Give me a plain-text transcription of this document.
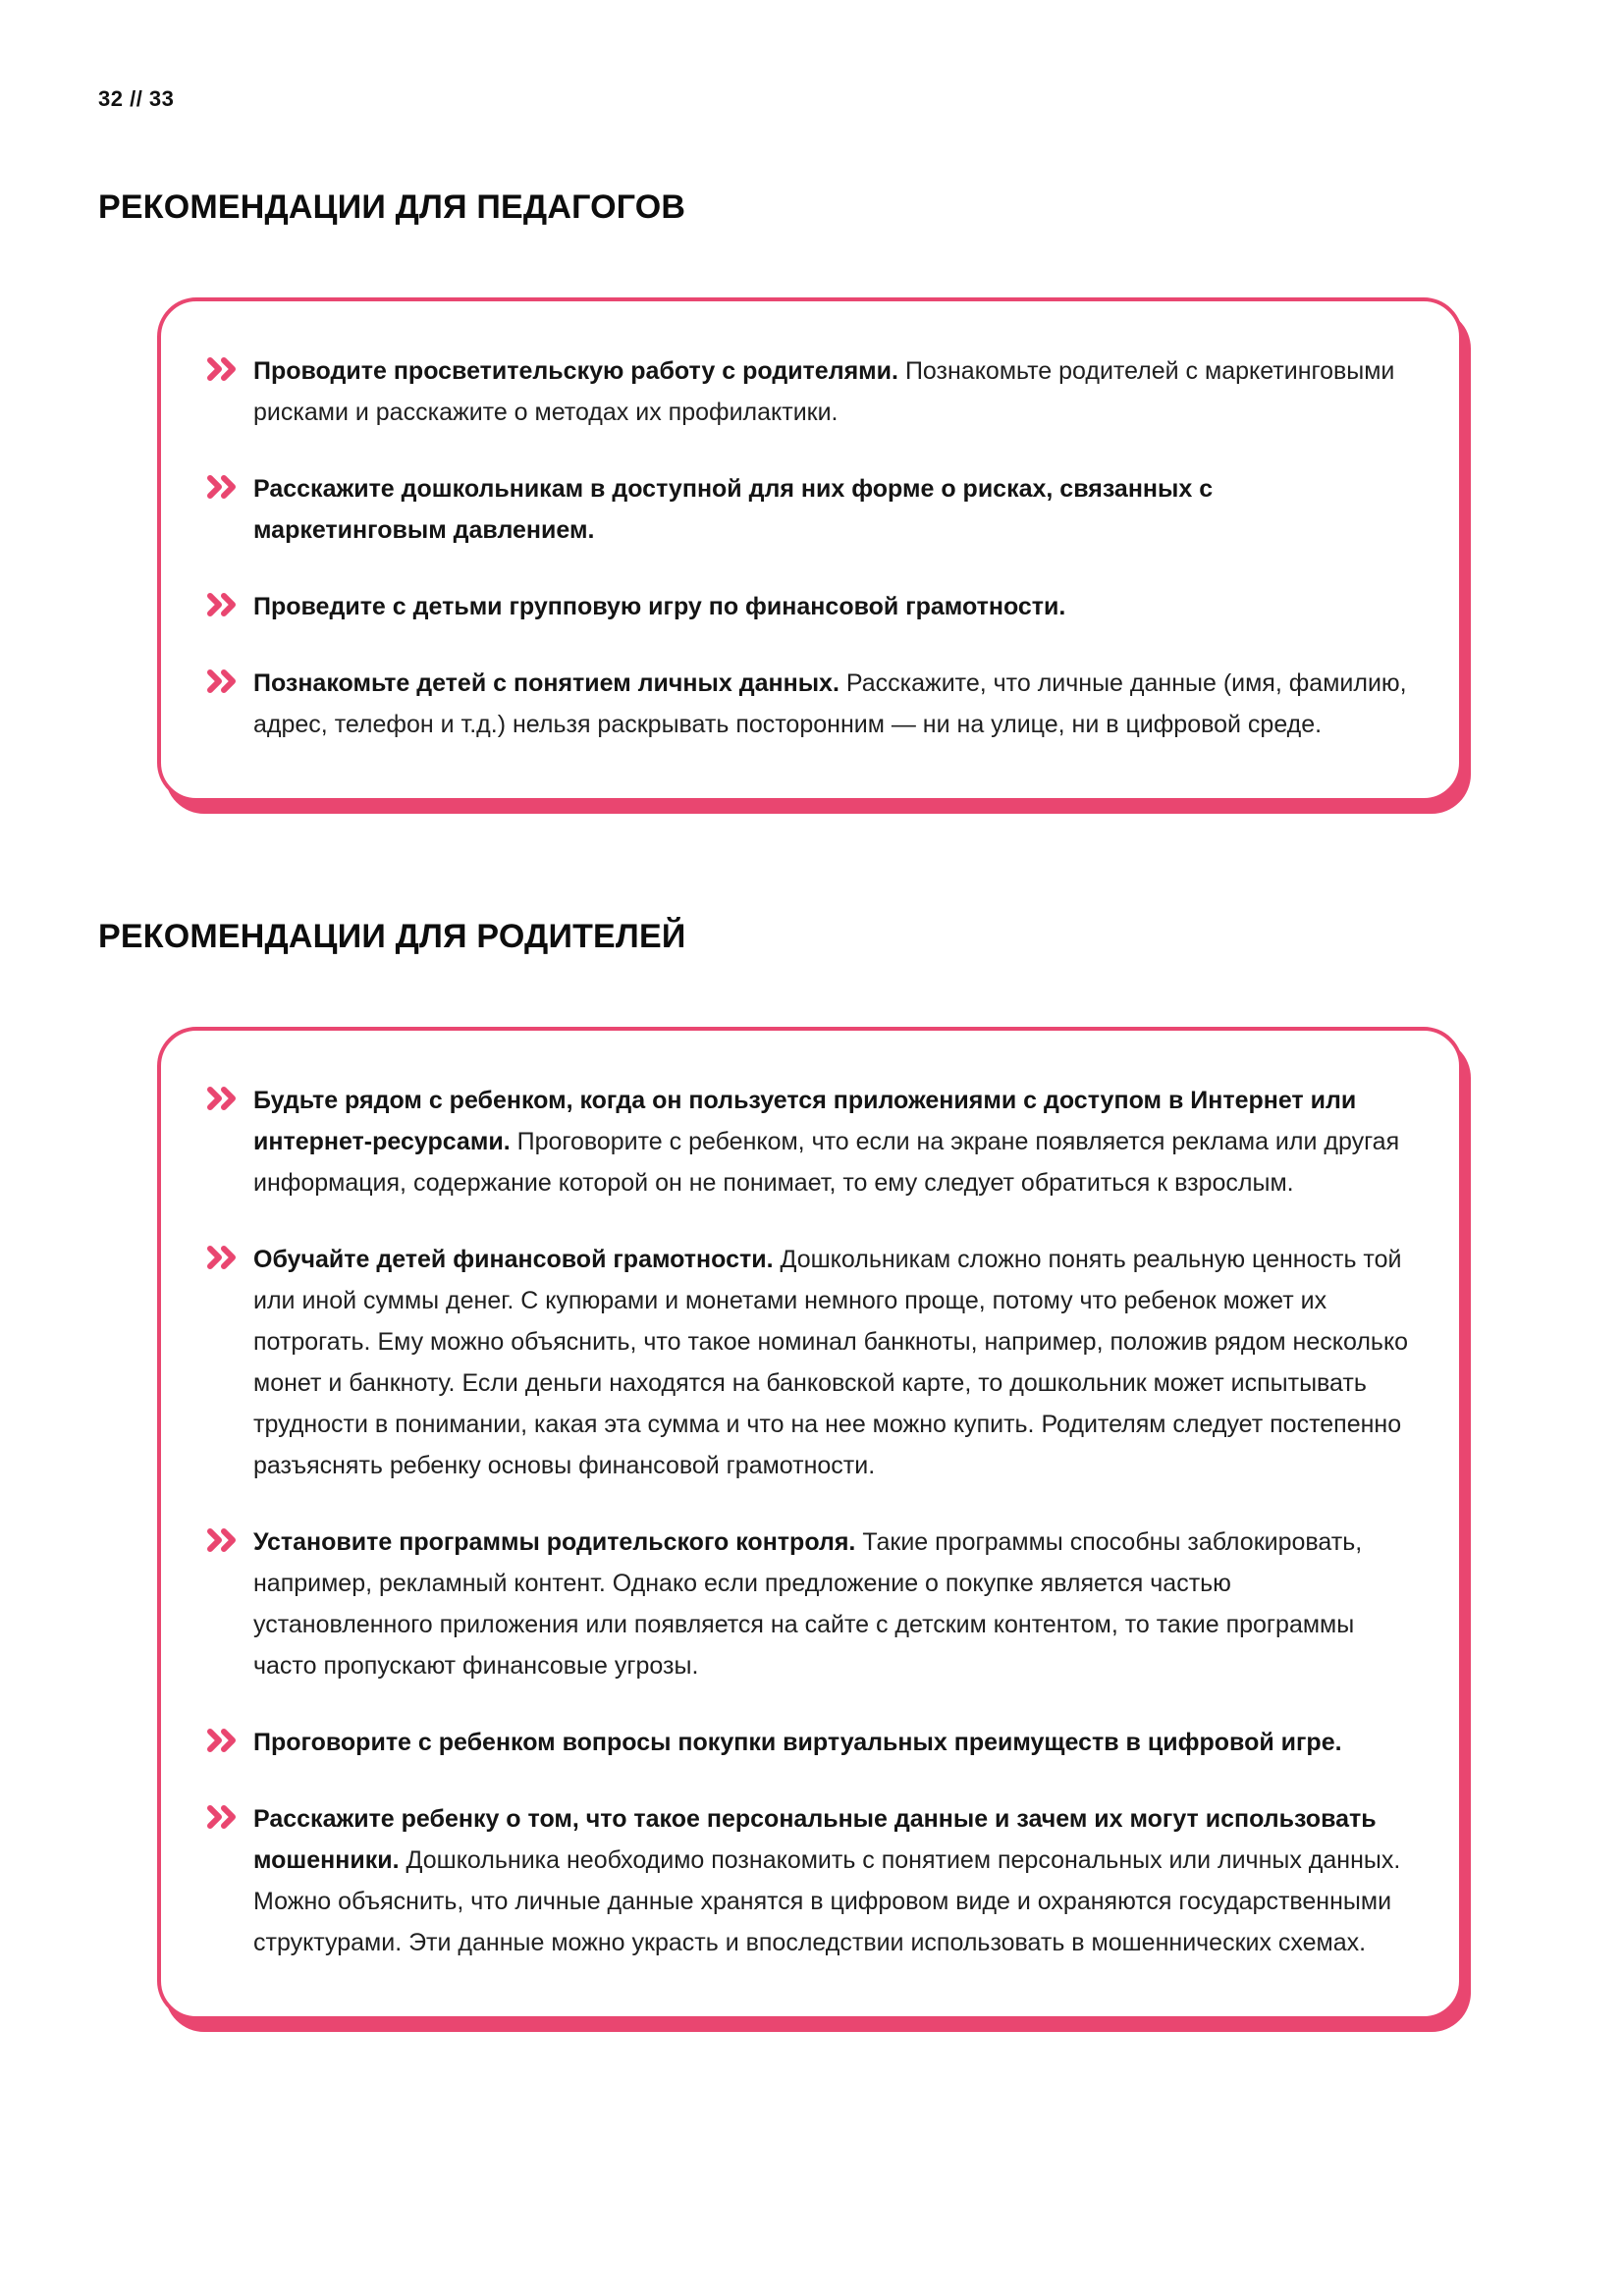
32 // 33
РЕКОМЕНДАЦИИ ДЛЯ ПЕДАГОГОВ

Проводите просветительскую работу с родителями. Познакомьте родителей с маркетинговыми рисками и расскажите о методах их профилактики.

Расскажите дошкольникам в доступной для них форме о рисках, связанных с маркетинговым давлением.

Проведите с детьми групповую игру по финансовой грамотности.

Познакомьте детей с понятием личных данных. Расскажите, что личные данные (имя, фамилию, адрес, телефон и т.д.) нельзя раскрывать посторонним — ни на улице, ни в цифровой среде.

РЕКОМЕНДАЦИИ ДЛЯ РОДИТЕЛЕЙ

Будьте рядом с ребенком, когда он пользуется приложениями с доступом в Интернет или интернет-ресурсами. Проговорите с ребенком, что если на экране появляется реклама или другая информация, содержание которой он не понимает, то ему следует обратиться к взрослым.

Обучайте детей финансовой грамотности. Дошкольникам сложно понять реальную ценность той или иной суммы денег. С купюрами и монетами немного проще, потому что ребенок может их потрогать. Ему можно объяснить, что такое номинал банкноты, например, положив рядом несколько монет и банкноту. Если деньги находятся на банковской карте, то дошкольник может испытывать трудности в понимании, какая эта сумма и что на нее можно купить. Родителям следует постепенно разъяснять ребенку основы финансовой грамотности.

Установите программы родительского контроля. Такие программы способны заблокировать, например, рекламный контент. Однако если предложение о покупке является частью установленного приложения или появляется на сайте с детским контентом, то такие программы часто пропускают финансовые угрозы.

Проговорите с ребенком вопросы покупки виртуальных преимуществ в цифровой игре.

Расскажите ребенку о том, что такое персональные данные и зачем их могут использовать мошенники. Дошкольника необходимо познакомить с понятием персональных или личных данных. Можно объяснить, что личные данные хранятся в цифровом виде и охраняются государственными структурами. Эти данные можно украсть и впоследствии использовать в мошеннических схемах.
